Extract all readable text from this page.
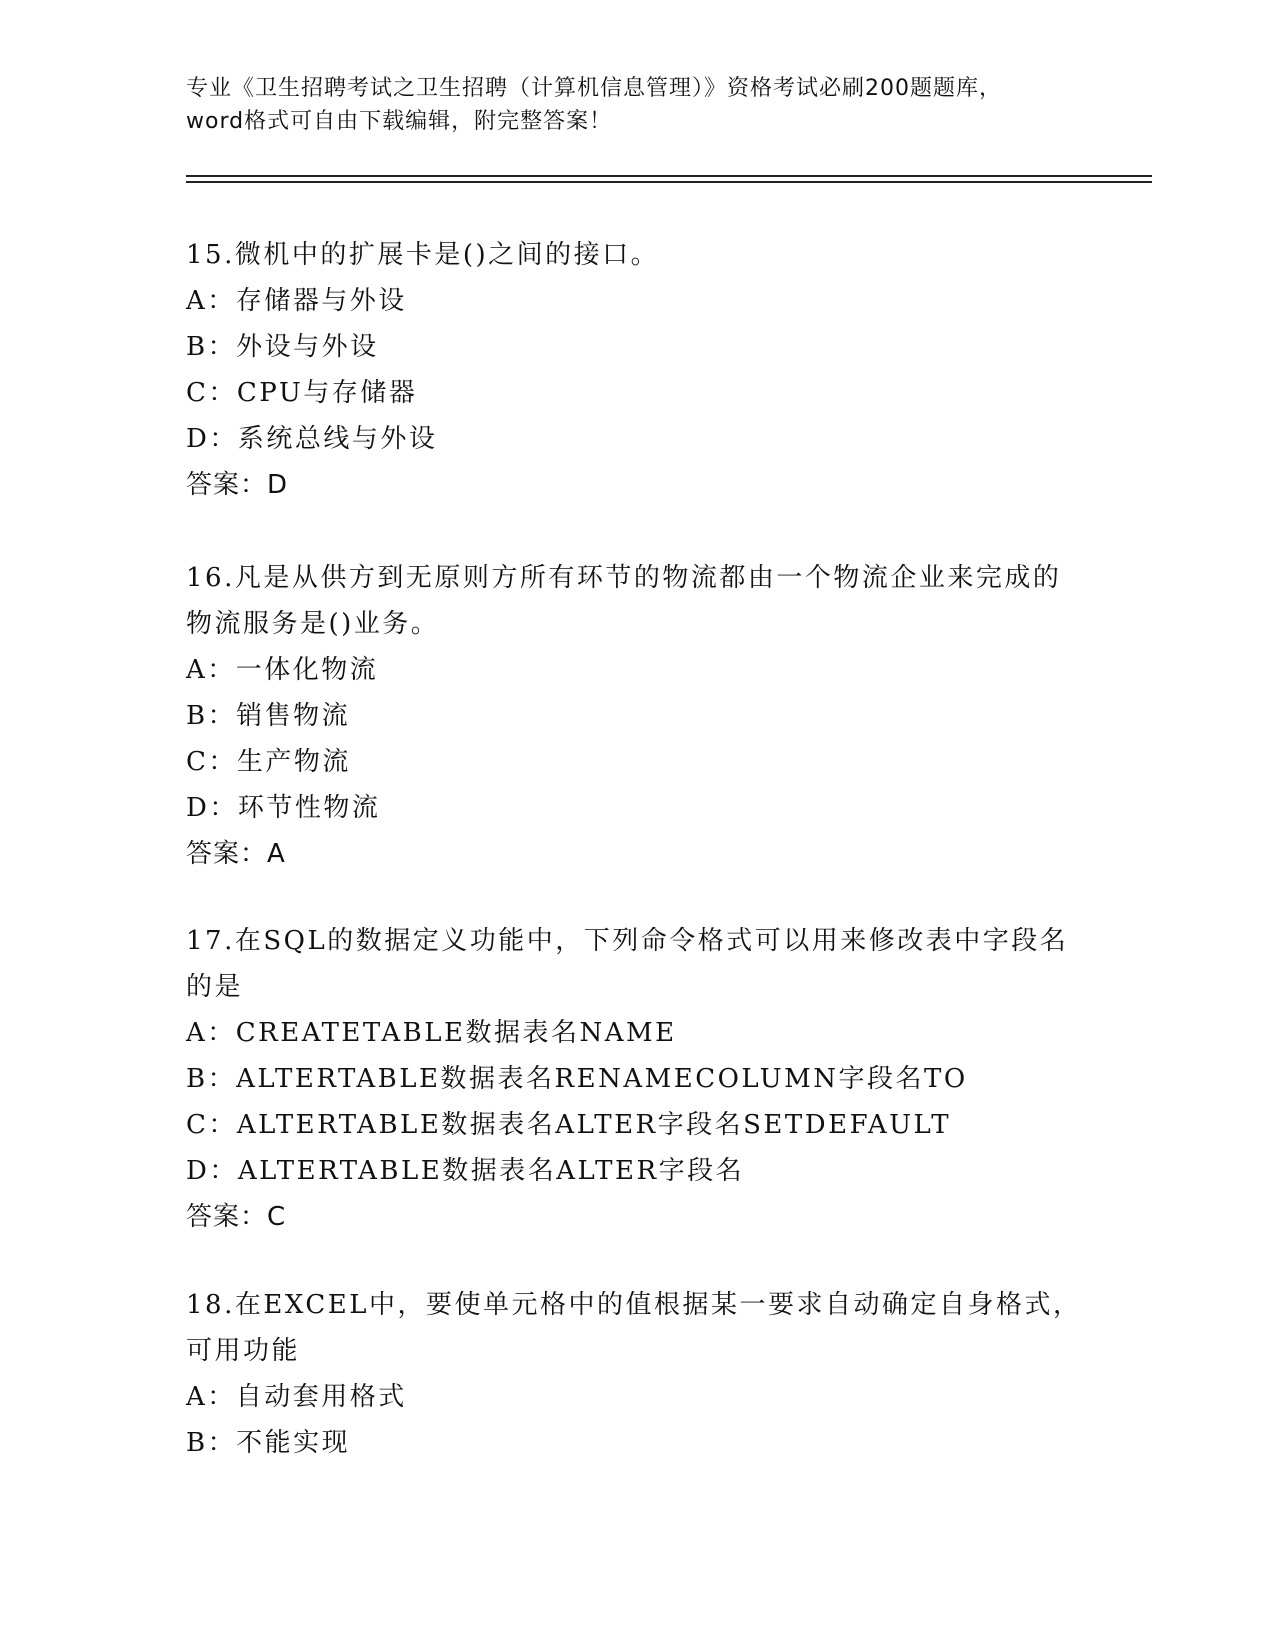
专业《卫生招聘考试之卫生招聘（计算机信息管理）》资格考试必刷200题题库，
word格式可自由下载编辑，附完整答案！

15.微机中的扩展卡是()之间的接口。

A：存储器与外设

B：外设与外设

C：CPU与存储器

D：系统总线与外设

答案：D

16.凡是从供方到无原则方所有环节的物流都由一个物流企业来完成的物流服务是()业务。

A：一体化物流

B：销售物流

C：生产物流

D：环节性物流

答案：A

17.在SQL的数据定义功能中，下列命令格式可以用来修改表中字段名的是

A：CREATETABLE数据表名NAME

B：ALTERTABLE数据表名RENAMECOLUMN字段名TO

C：ALTERTABLE数据表名ALTER字段名SETDEFAULT

D：ALTERTABLE数据表名ALTER字段名

答案：C

18.在EXCEL中，要使单元格中的值根据某一要求自动确定自身格式，可用功能

A：自动套用格式

B：不能实现
